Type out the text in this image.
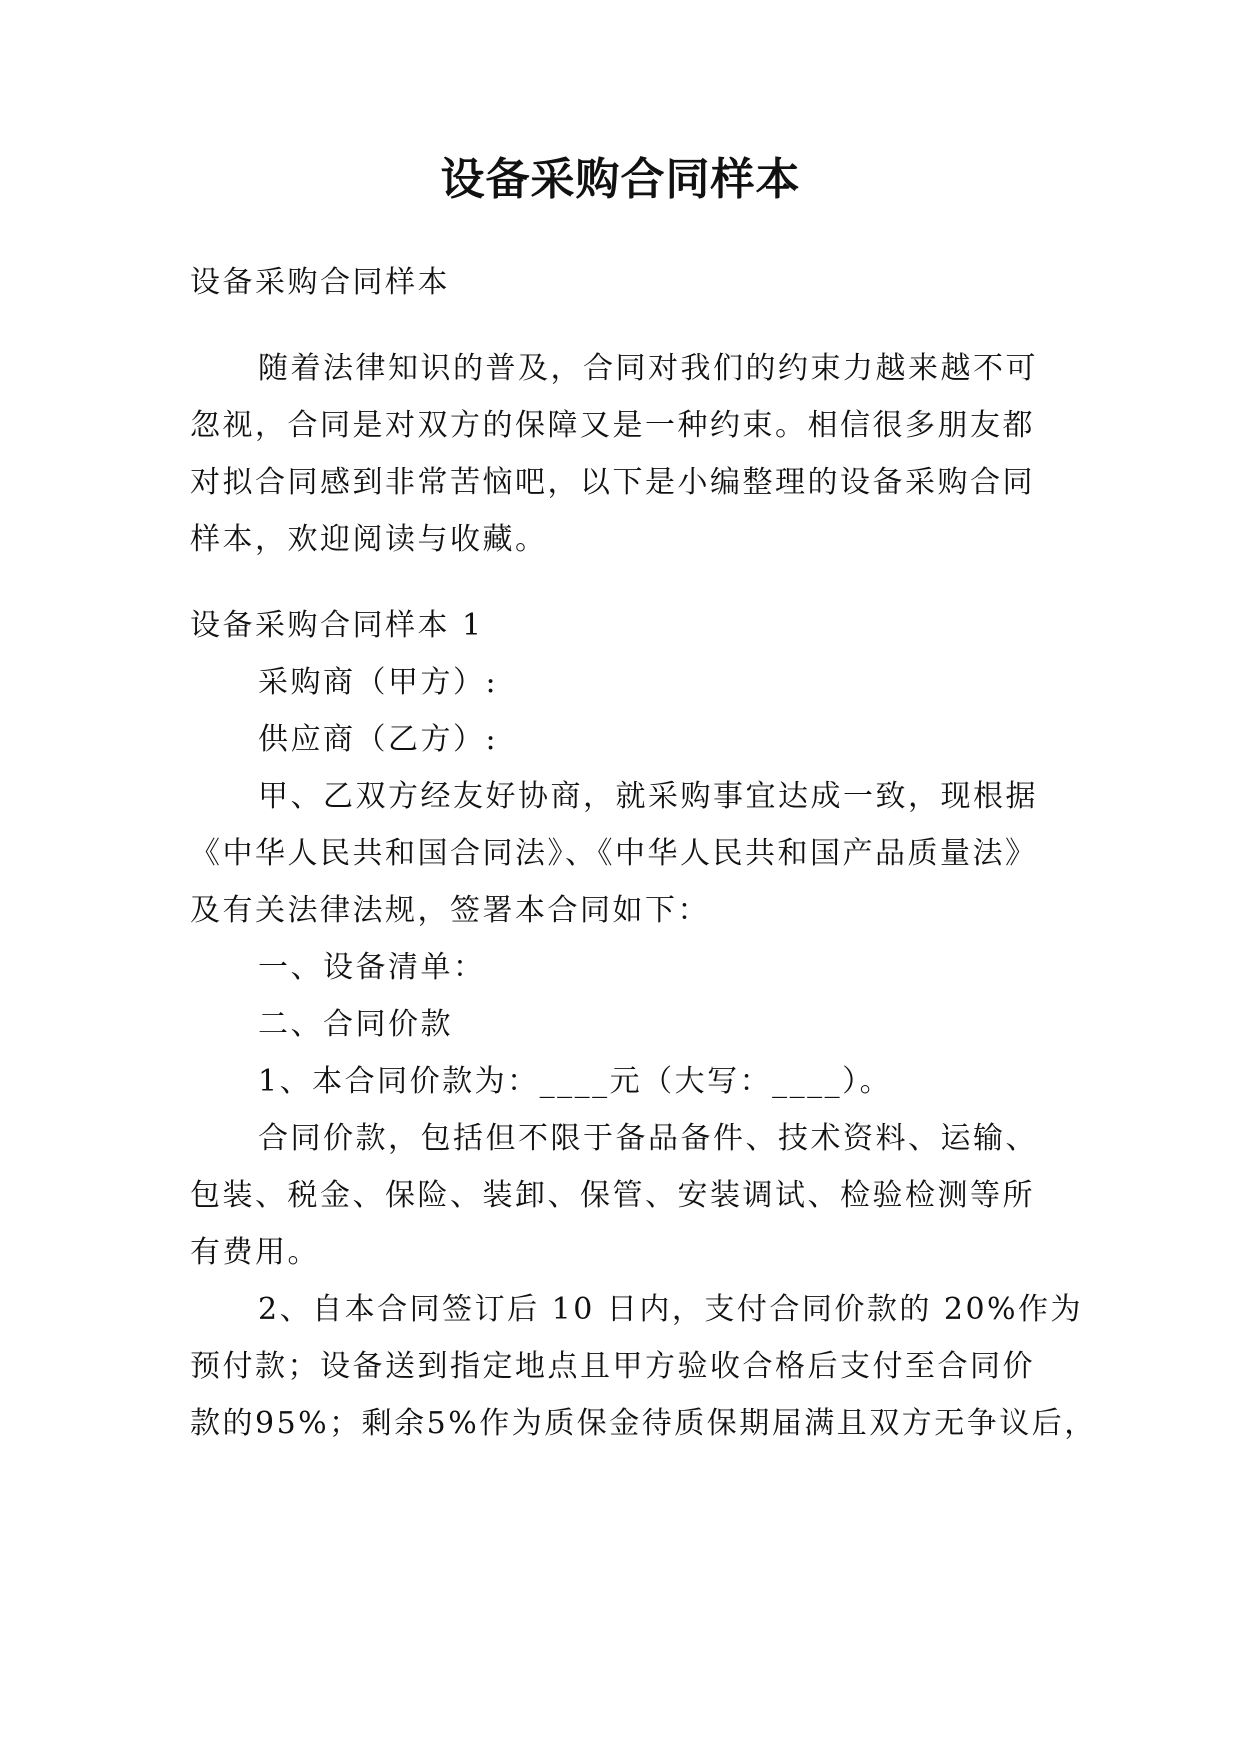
设备采购合同样本
设备采购合同样本
随着法律知识的普及，合同对我们的约束力越来越不可
忽视，合同是对双方的保障又是一种约束。相信很多朋友都
对拟合同感到非常苦恼吧，以下是小编整理的设备采购合同
样本，欢迎阅读与收藏。
设备采购合同样本 1
采购商（甲方）:
供应商（乙方）:
甲、乙双方经友好协商，就采购事宜达成一致，现根据
《中华人民共和国合同法》、《中华人民共和国产品质量法》
及有关法律法规，签署本合同如下：
一、设备清单：
二、合同价款
1、本合同价款为：____元（大写：____）。
合同价款，包括但不限于备品备件、技术资料、运输、
包装、税金、保险、装卸、保管、安装调试、检验检测等所
有费用。
2、自本合同签订后 10 日内，支付合同价款的 20%作为
预付款；设备送到指定地点且甲方验收合格后支付至合同价
款的95%；剩余5%作为质保金待质保期届满且双方无争议后，
